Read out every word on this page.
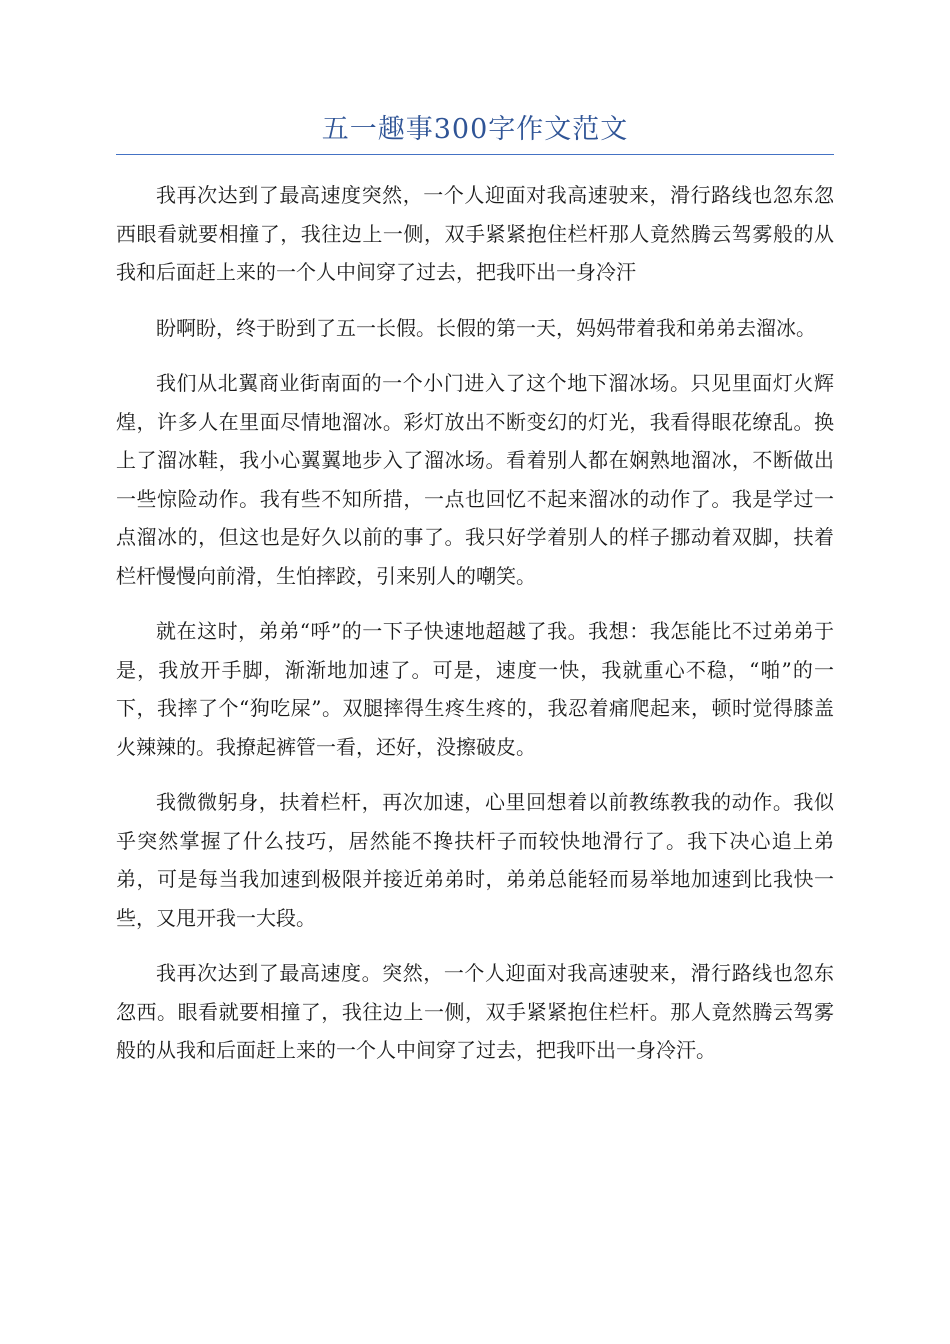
五一趣事300字作文范文

我再次达到了最高速度突然，一个人迎面对我高速驶来，滑行路线也忽东忽西眼看就要相撞了，我往边上一侧，双手紧紧抱住栏杆那人竟然腾云驾雾般的从我和后面赶上来的一个人中间穿了过去，把我吓出一身冷汗

盼啊盼，终于盼到了五一长假。长假的第一天，妈妈带着我和弟弟去溜冰。

我们从北翼商业街南面的一个小门进入了这个地下溜冰场。只见里面灯火辉煌，许多人在里面尽情地溜冰。彩灯放出不断变幻的灯光，我看得眼花缭乱。换上了溜冰鞋，我小心翼翼地步入了溜冰场。看着别人都在娴熟地溜冰，不断做出一些惊险动作。我有些不知所措，一点也回忆不起来溜冰的动作了。我是学过一点溜冰的，但这也是好久以前的事了。我只好学着别人的样子挪动着双脚，扶着栏杆慢慢向前滑，生怕摔跤，引来别人的嘲笑。

就在这时，弟弟“呼”的一下子快速地超越了我。我想：我怎能比不过弟弟于是，我放开手脚，渐渐地加速了。可是，速度一快，我就重心不稳，“啪”的一下，我摔了个“狗吃屎”。双腿摔得生疼生疼的，我忍着痛爬起来，顿时觉得膝盖火辣辣的。我撩起裤管一看，还好，没擦破皮。

我微微躬身，扶着栏杆，再次加速，心里回想着以前教练教我的动作。我似乎突然掌握了什么技巧，居然能不搀扶杆子而较快地滑行了。我下决心追上弟弟，可是每当我加速到极限并接近弟弟时，弟弟总能轻而易举地加速到比我快一些，又甩开我一大段。

我再次达到了最高速度。突然，一个人迎面对我高速驶来，滑行路线也忽东忽西。眼看就要相撞了，我往边上一侧，双手紧紧抱住栏杆。那人竟然腾云驾雾般的从我和后面赶上来的一个人中间穿了过去，把我吓出一身冷汗。
